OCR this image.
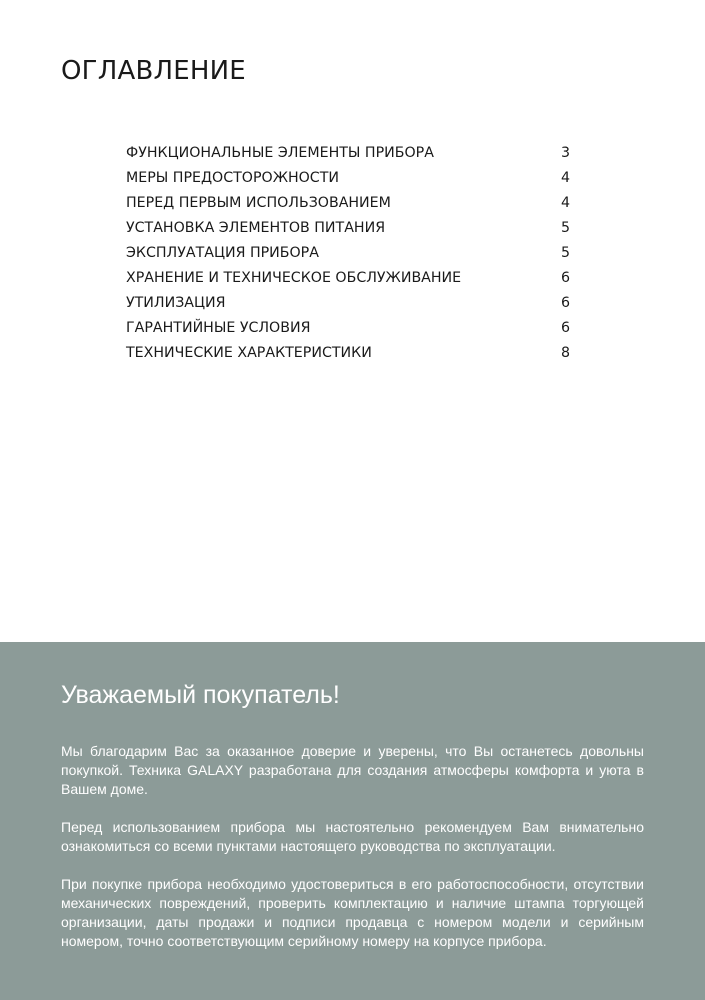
ОГЛАВЛЕНИЕ
ФУНКЦИОНАЛЬНЫЕ ЭЛЕМЕНТЫ ПРИБОРА	3
МЕРЫ ПРЕДОСТОРОЖНОСТИ	4
ПЕРЕД ПЕРВЫМ ИСПОЛЬЗОВАНИЕМ	4
УСТАНОВКА ЭЛЕМЕНТОВ ПИТАНИЯ	5
ЭКСПЛУАТАЦИЯ ПРИБОРА	5
ХРАНЕНИЕ И ТЕХНИЧЕСКОЕ ОБСЛУЖИВАНИЕ	6
УТИЛИЗАЦИЯ	6
ГАРАНТИЙНЫЕ УСЛОВИЯ	6
ТЕХНИЧЕСКИЕ ХАРАКТЕРИСТИКИ	8
Уважаемый покупатель!

Мы благодарим Вас за оказанное доверие и уверены, что Вы останетесь довольны покупкой. Техника GALAXY разработана для создания атмосферы комфорта и уюта в Вашем доме.

Перед использованием прибора мы настоятельно рекомендуем Вам внимательно ознакомиться со всеми пунктами настоящего руководства по эксплуатации.

При покупке прибора необходимо удостовериться в его работоспособности, отсутствии механических повреждений, проверить комплектацию и наличие штампа торгующей организации, даты продажи и подписи продавца с номером модели и серийным номером, точно соответствующим серийному номеру на корпусе прибора.
